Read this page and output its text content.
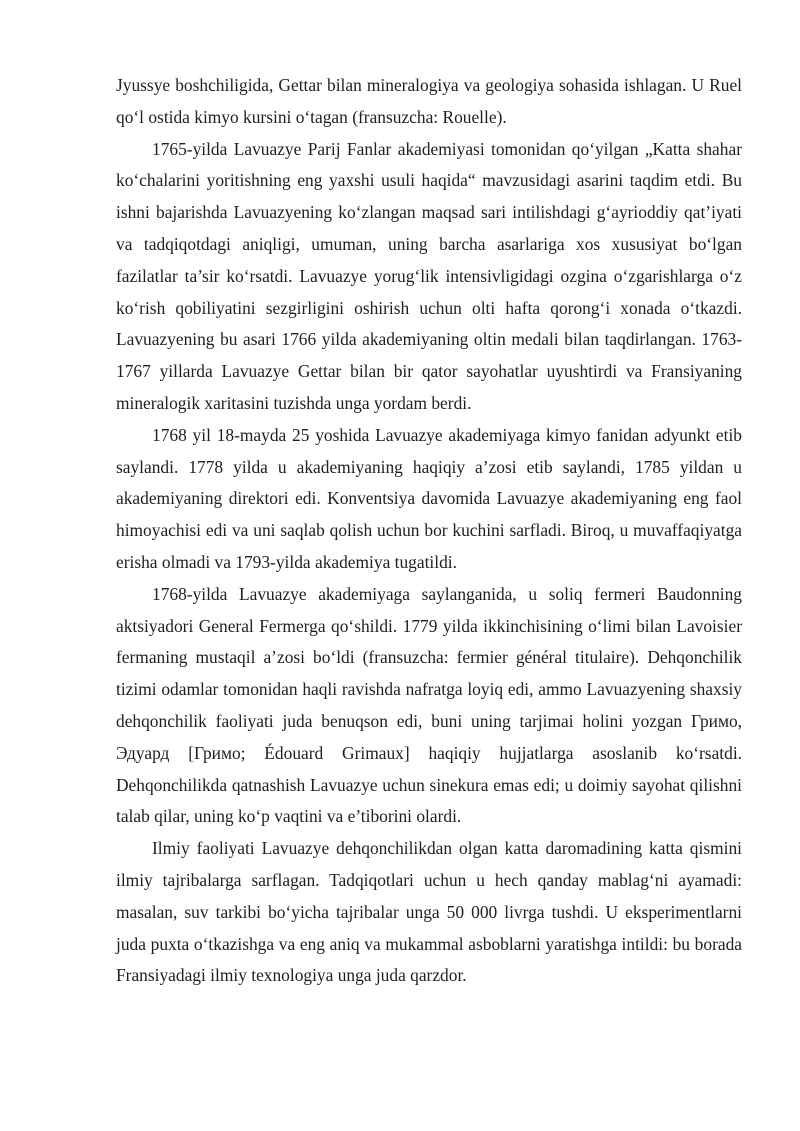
Jyussye boshchiligida, Gettar bilan mineralogiya va geologiya sohasida ishlagan. U Ruel qo‘l ostida kimyo kursini o‘tagan (fransuzcha: Rouelle).

1765-yilda Lavuazye Parij Fanlar akademiyasi tomonidan qo‘yilgan „Katta shahar ko‘chalarini yoritishning eng yaxshi usuli haqida“ mavzusidagi asarini taqdim etdi. Bu ishni bajarishda Lavuazyening ko‘zlangan maqsad sari intilishdagi g‘ayrioddiy qat’iyati va tadqiqotdagi aniqligi, umuman, uning barcha asarlariga xos xususiyat bo‘lgan fazilatlar ta’sir ko‘rsatdi. Lavuazye yorug‘lik intensivligidagi ozgina o‘zgarishlarga o‘z ko‘rish qobiliyatini sezgirligini oshirish uchun olti hafta qorong‘i xonada o‘tkazdi. Lavuazyening bu asari 1766 yilda akademiyaning oltin medali bilan taqdirlangan. 1763-1767 yillarda Lavuazye Gettar bilan bir qator sayohatlar uyushtirdi va Fransiyaning mineralogik xaritasini tuzishda unga yordam berdi.

1768 yil 18-mayda 25 yoshida Lavuazye akademiyaga kimyo fanidan adyunkt etib saylandi. 1778 yilda u akademiyaning haqiqiy a’zosi etib saylandi, 1785 yildan u akademiyaning direktori edi. Konventsiya davomida Lavuazye akademiyaning eng faol himoyachisi edi va uni saqlab qolish uchun bor kuchini sarfladi. Biroq, u muvaffaqiyatga erisha olmadi va 1793-yilda akademiya tugatildi.

1768-yilda Lavuazye akademiyaga saylanganida, u soliq fermeri Baudonning aktsiyadori General Fermerga qo‘shildi. 1779 yilda ikkinchisining o‘limi bilan Lavoisier fermaning mustaqil a’zosi bo‘ldi (fransuzcha: fermier général titulaire). Dehqonchilik tizimi odamlar tomonidan haqli ravishda nafratga loyiq edi, ammo Lavuazyening shaxsiy dehqonchilik faoliyati juda benuqson edi, buni uning tarjimai holini yozgan Гримо, Эдуард [Гримо; Édouard Grimaux] haqiqiy hujjatlarga asoslanib ko‘rsatdi. Dehqonchilikda qatnashish Lavuazye uchun sinekura emas edi; u doimiy sayohat qilishni talab qilar, uning ko‘p vaqtini va e’tiborini olardi.

Ilmiy faoliyati Lavuazye dehqonchilikdan olgan katta daromadining katta qismini ilmiy tajribalarga sarflagan. Tadqiqotlari uchun u hech qanday mablag‘ni ayamadi: masalan, suv tarkibi bo‘yicha tajribalar unga 50 000 livrga tushdi. U eksperimentlarni juda puxta o‘tkazishga va eng aniq va mukammal asboblarni yaratishga intildi: bu borada Fransiyadagi ilmiy texnologiya unga juda qarzdor.
